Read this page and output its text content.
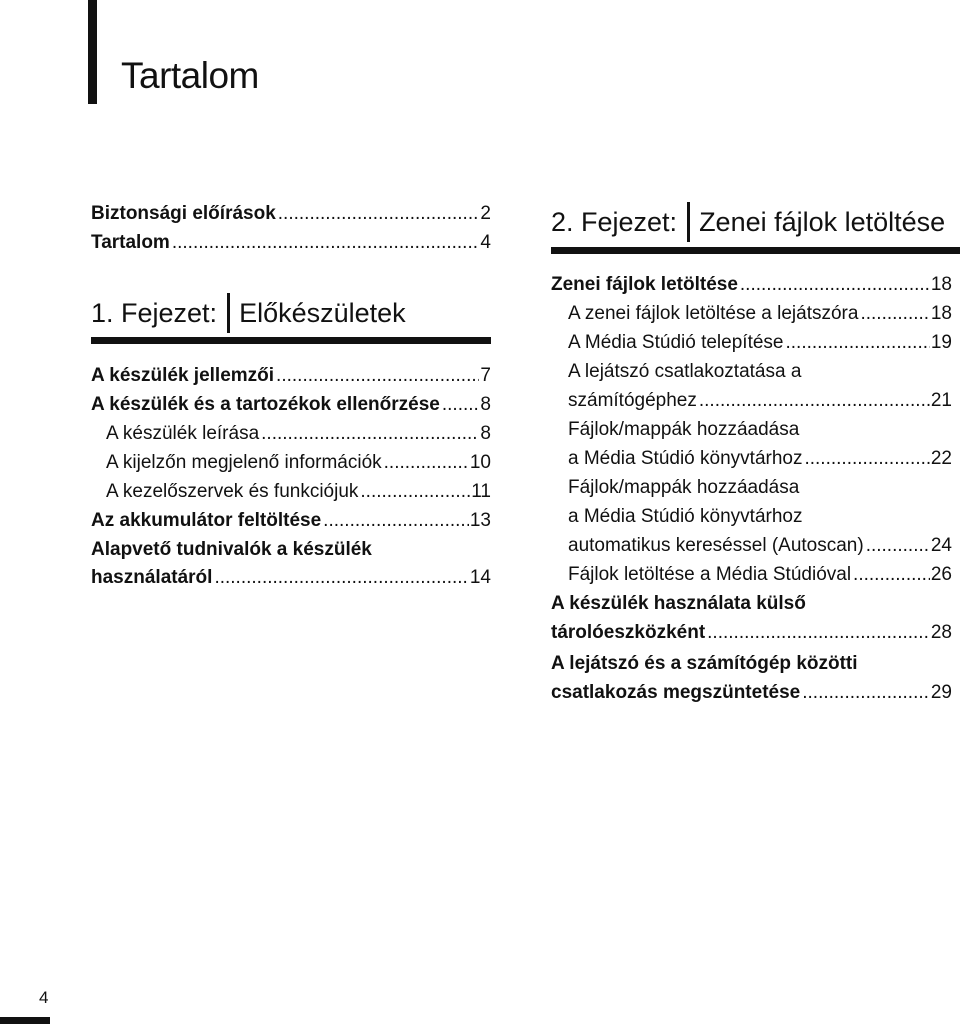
Tartalom
Biztonsági előírások .....	2
Tartalom .....	4
1. Fejezet: Előkészületek
A készülék jellemzői .....	7
A készülék és a tartozékok ellenőrzése ..... 8
A készülék leírása .....	8
A kijelzőn megjelenő információk .....	10
A kezelőszervek és funkciójuk .....	11
Az akkumulátor feltöltése .....	13
Alapvető tudnivalók a készülék
használatáról .....	14
2. Fejezet: Zenei fájlok letöltése
Zenei fájlok letöltése .....	18
A zenei fájlok letöltése a lejátszóra .....	18
A Média Stúdió telepítése .....	19
A lejátszó csatlakoztatása a
számítógéphez .....	21
Fájlok/mappák hozzáadása
a Média Stúdió könyvtárhoz .....	22
Fájlok/mappák hozzáadása
a Média Stúdió könyvtárhoz
automatikus kereséssel (Autoscan) .....	24
Fájlok letöltése a Média Stúdióval .....	26
A készülék használata külső
tárolóeszközként .....	28
A lejátszó és a számítógép közötti
csatlakozás megszüntetése .....	29
4
